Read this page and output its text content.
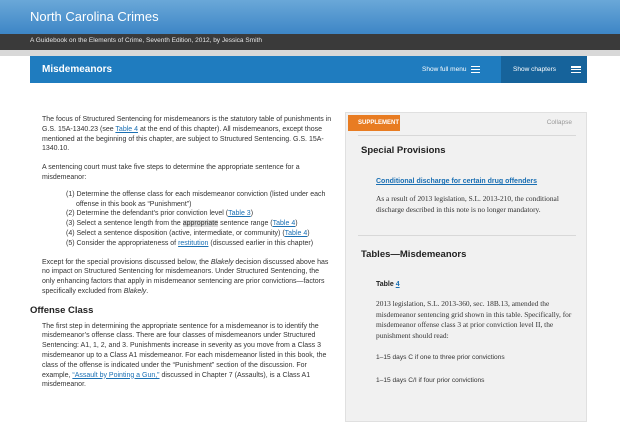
North Carolina Crimes
A Guidebook on the Elements of Crime, Seventh Edition, 2012, by Jessica Smith
Misdemeanors	Show full menu	Show chapters

The focus of Structured Sentencing for misdemeanors is the statutory table of punishments in G.S. 15A-1340.23 (see Table 4 at the end of this chapter). All misdemeanors, except those mentioned at the beginning of this chapter, are subject to Structured Sentencing. G.S. 15A-1340.10.

A sentencing court must take five steps to determine the appropriate sentence for a misdemeanor:

(1) Determine the offense class for each misdemeanor conviction (listed under each offense in this book as “Punishment”)
(2) Determine the defendant’s prior conviction level (Table 3)
(3) Select a sentence length from the appropriate sentence range (Table 4)
(4) Select a sentence disposition (active, intermediate, or community) (Table 4)
(5) Consider the appropriateness of restitution (discussed earlier in this chapter)

Except for the special provisions discussed below, the Blakely decision discussed above has no impact on Structured Sentencing for misdemeanors. Under Structured Sentencing, the only enhancing factors that apply in misdemeanor sentencing are prior convictions—factors specifically excluded from Blakely.

Offense Class

The first step in determining the appropriate sentence for a misdemeanor is to identify the misdemeanor’s offense class. There are four classes of misdemeanors under Structured Sentencing: A1, 1, 2, and 3. Punishments increase in severity as you move from a Class 3 misdemeanor up to a Class A1 misdemeanor. For each misdemeanor listed in this book, the class of the offense is indicated under the “Punishment” section of the discussion. For example, “Assault by Pointing a Gun,” discussed in Chapter 7 (Assaults), is a Class A1 misdemeanor.

SUPPLEMENT	Collapse
Special Provisions
Conditional discharge for certain drug offenders
As a result of 2013 legislation, S.L. 2013-210, the conditional discharge described in this note is no longer mandatory.
Tables—Misdemeanors
Table 4
2013 legislation, S.L. 2013-360, sec. 18B.13, amended the misdemeanor sentencing grid shown in this table. Specifically, for misdemeanor offense class 3 at prior conviction level II, the punishment should read:
1–15 days C if one to three prior convictions
1–15 days C/I if four prior convictions
